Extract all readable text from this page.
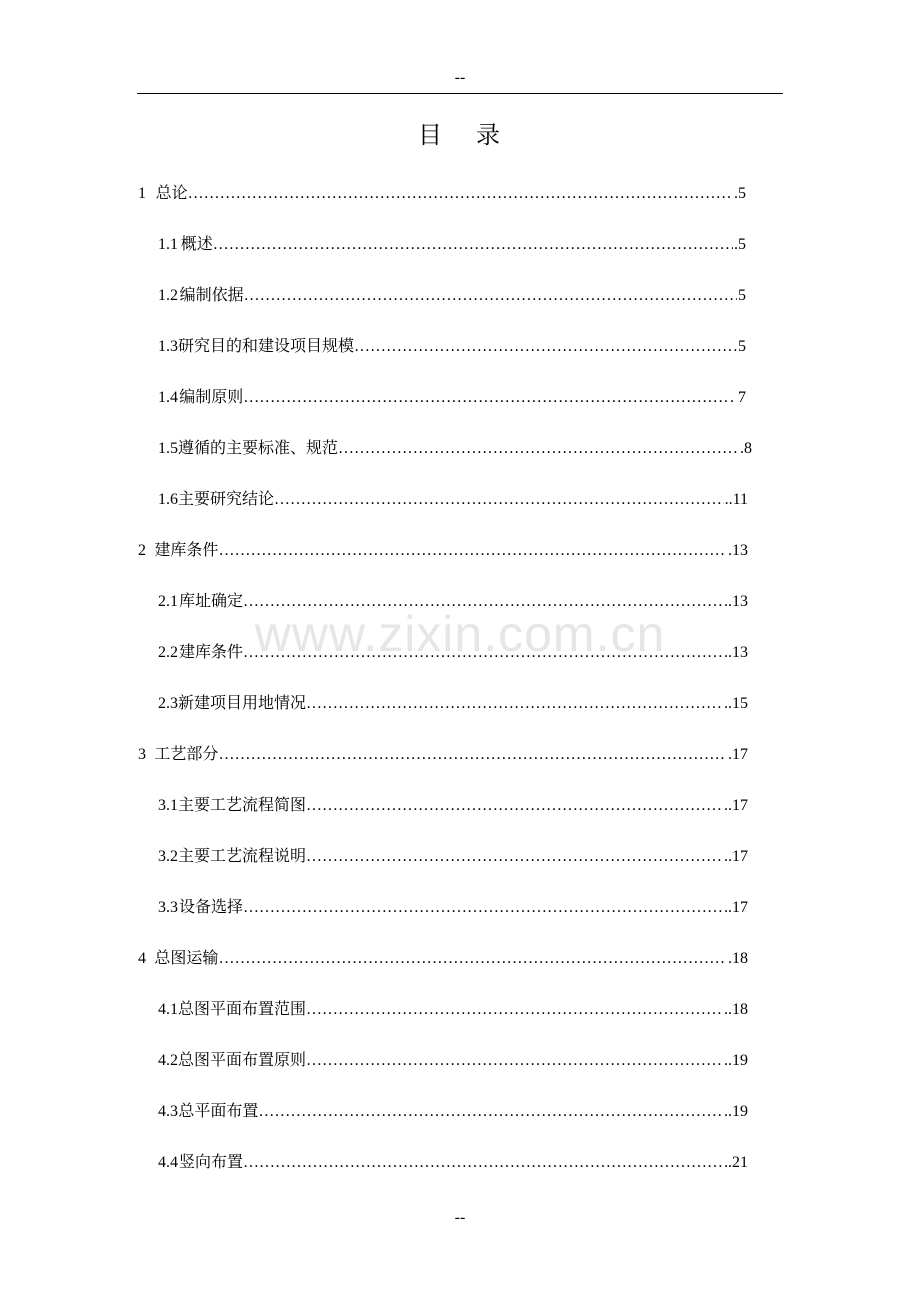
--
目 录
1 总论 ………………………………………………………………………………………………………………………………………………………………	.5
1.1 概述 ………………………………………………………………………………………………………………………………………………………………	.5
1.2 编制依据 ………………………………………………………………………………………………………………………………………………………………	5
1.3 研究目的和建设项目规模 ………………………………………………………………………………………………………………………………………………………………	5
1.4 编制原则 ………………………………………………………………………………………………………………………………………………………………	. 7
1.5 遵循的主要标准、规范 ………………………………………………………………………………………………………………………………………………………………	.8
1.6 主要研究结论 ………………………………………………………………………………………………………………………………………………………………	..11
2 建库条件 ………………………………………………………………………………………………………………………………………………………………	.13
2.1 库址确定 ………………………………………………………………………………………………………………………………………………………………	..13
2.2 建库条件 ………………………………………………………………………………………………………………………………………………………………	..13
2.3 新建项目用地情况 ………………………………………………………………………………………………………………………………………………………………	..15
3 工艺部分 ………………………………………………………………………………………………………………………………………………………………	.17
3.1 主要工艺流程简图 ………………………………………………………………………………………………………………………………………………………………	..17
3.2 主要工艺流程说明 ………………………………………………………………………………………………………………………………………………………………	..17
3.3 设备选择 ………………………………………………………………………………………………………………………………………………………………	..17
4 总图运输 ………………………………………………………………………………………………………………………………………………………………	.18
4.1 总图平面布置范围 ………………………………………………………………………………………………………………………………………………………………	..18
4.2 总图平面布置原则 ………………………………………………………………………………………………………………………………………………………………	..19
4.3 总平面布置 ………………………………………………………………………………………………………………………………………………………………	..19
4.4 竖向布置 ………………………………………………………………………………………………………………………………………………………………	..21
www.zixin.com.cn
--
